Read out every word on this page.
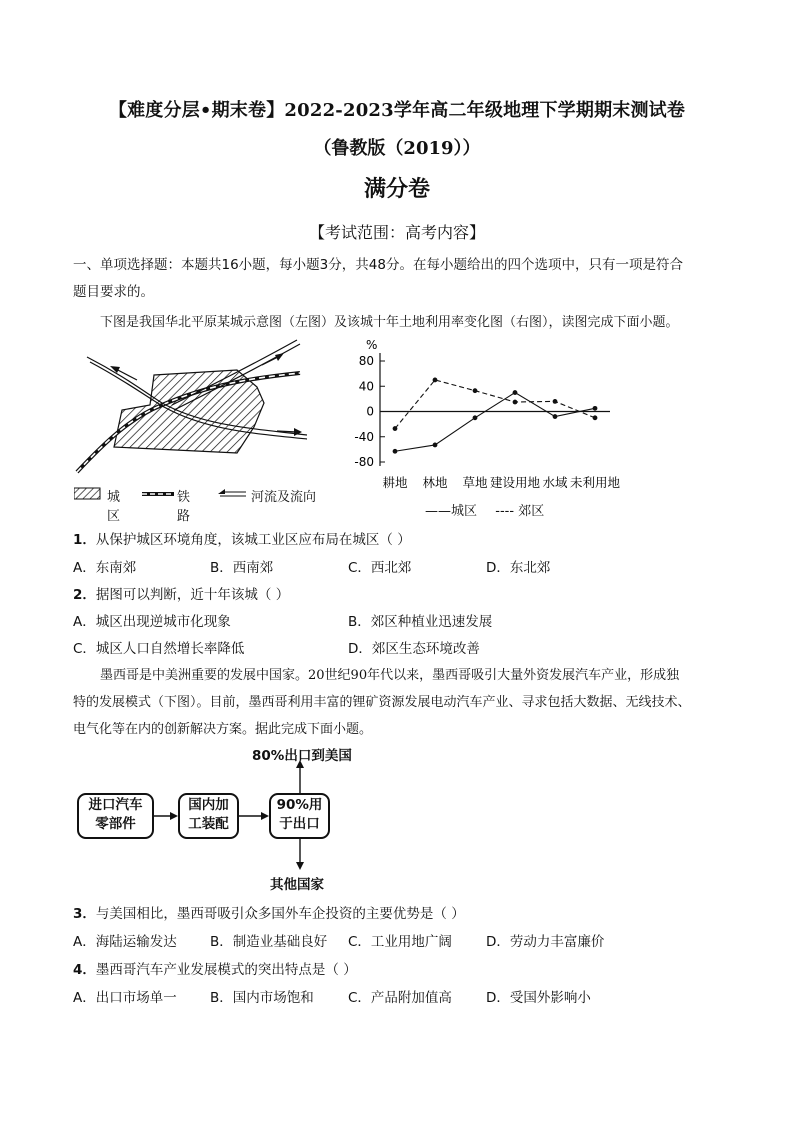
【难度分层•期末卷】2022-2023学年高二年级地理下学期期末测试卷
（鲁教版（2019））
满分卷
【考试范围：高考内容】
一、单项选择题：本题共16小题，每小题3分，共48分。在每小题给出的四个选项中，只有一项是符合
题目要求的。
下图是我国华北平原某城示意图（左图）及该城十年土地利用率变化图（右图），读图完成下面小题。
城区
铁路
河流及流向
%
80
40
0
-40
-80
耕地 林地 草地 建设用地 水域 未利用地
——城区 ---- 郊区
1．从保护城区环境角度，该城工业区应布局在城区（ ）
A．东南郊	B．西南郊	C．西北郊	D．东北郊
2．据图可以判断，近十年该城（ ）
A．城区出现逆城市化现象	B．郊区种植业迅速发展
C．城区人口自然增长率降低	D．郊区生态环境改善
墨西哥是中美洲重要的发展中国家。20世纪90年代以来，墨西哥吸引大量外资发展汽车产业，形成独
特的发展模式（下图）。目前，墨西哥利用丰富的锂矿资源发展电动汽车产业、寻求包括大数据、无线技术、
电气化等在内的创新解决方案。据此完成下面小题。
进口汽车
零部件
国内加
工装配
90%用
于出口
80%出口到美国
其他国家
3．与美国相比，墨西哥吸引众多国外车企投资的主要优势是（ ）
A．海陆运输发达 B．制造业基础良好 C．工业用地广阔	D．劳动力丰富廉价
4．墨西哥汽车产业发展模式的突出特点是（ ）
A．出口市场单一 B．国内市场饱和	C．产品附加值高	D．受国外影响小
